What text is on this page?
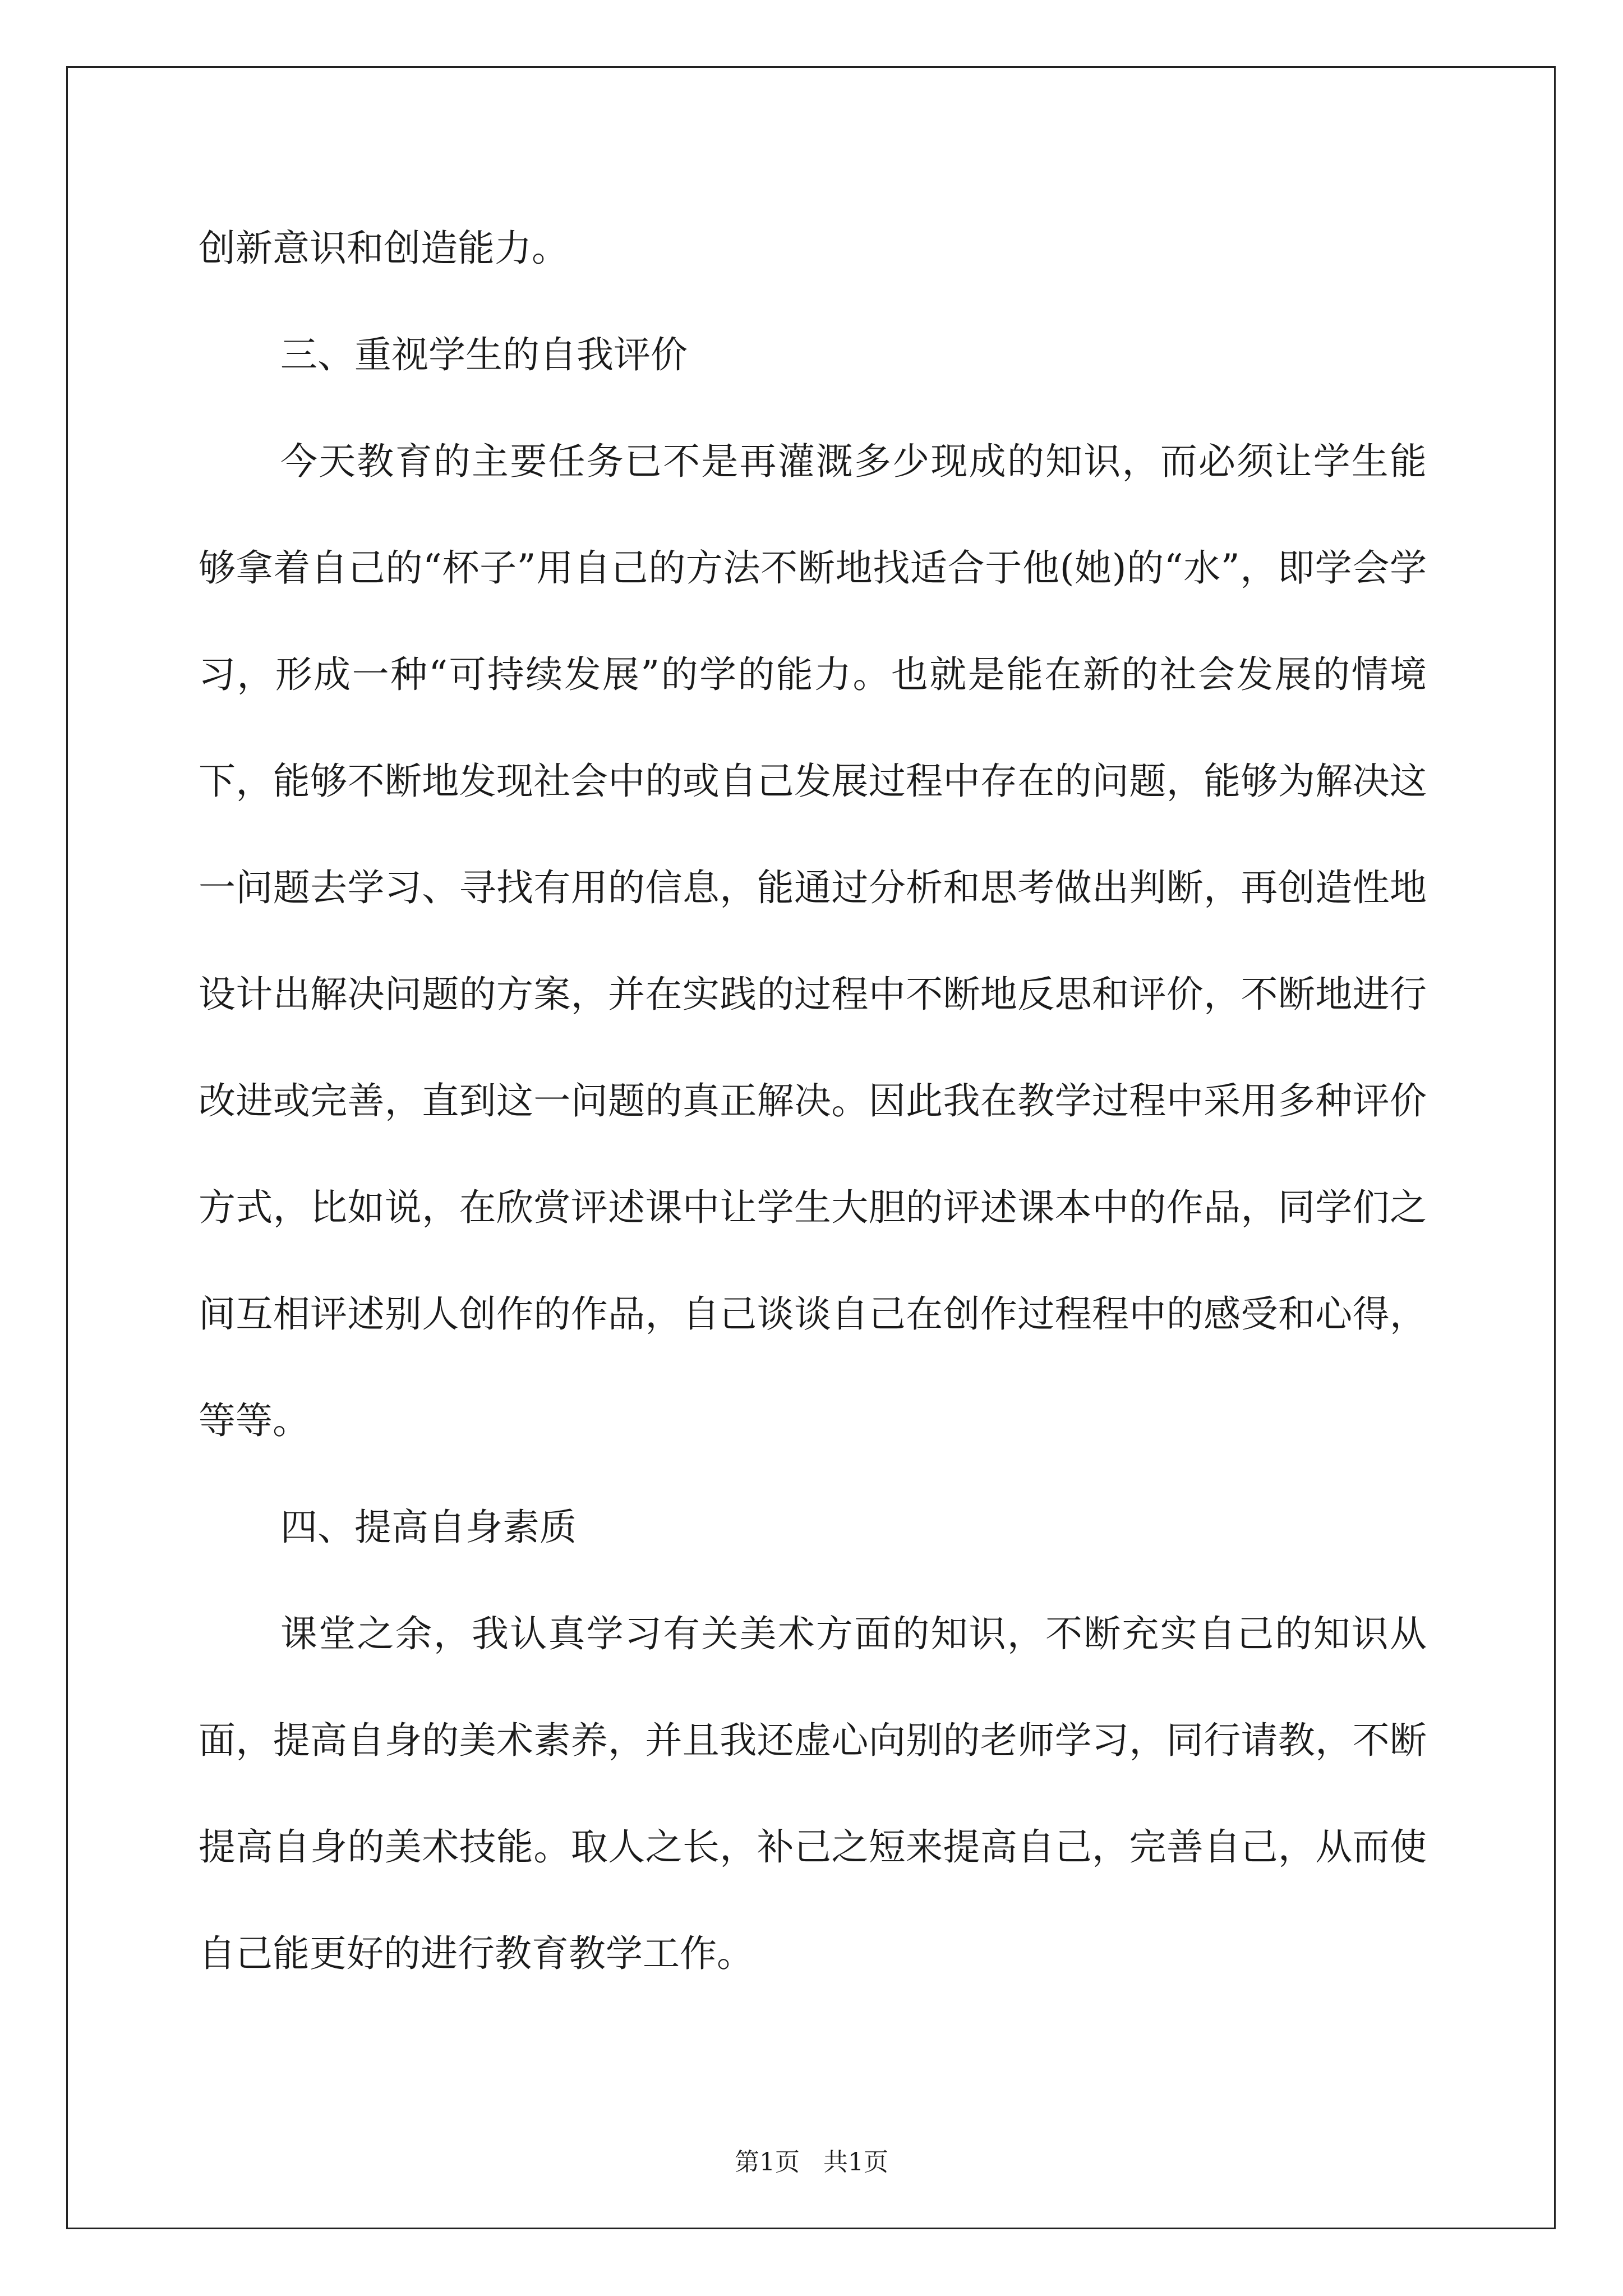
创新意识和创造能力。

三、重视学生的自我评价

今天教育的主要任务已不是再灌溉多少现成的知识，而必须让学生能够拿着自己的“杯子”用自己的方法不断地找适合于他(她)的“水”，即学会学习，形成一种“可持续发展”的学的能力。也就是能在新的社会发展的情境下，能够不断地发现社会中的或自己发展过程中存在的问题，能够为解决这一问题去学习、寻找有用的信息，能通过分析和思考做出判断，再创造性地设计出解决问题的方案，并在实践的过程中不断地反思和评价，不断地进行改进或完善，直到这一问题的真正解决。因此我在教学过程中采用多种评价方式，比如说，在欣赏评述课中让学生大胆的评述课本中的作品，同学们之间互相评述别人创作的作品，自己谈谈自己在创作过程程中的感受和心得，等等。

四、提高自身素质

课堂之余，我认真学习有关美术方面的知识，不断充实自己的知识从面，提高自身的美术素养，并且我还虚心向别的老师学习，同行请教，不断提高自身的美术技能。取人之长，补己之短来提高自己，完善自己，从而使自己能更好的进行教育教学工作。

第1页   共1页
